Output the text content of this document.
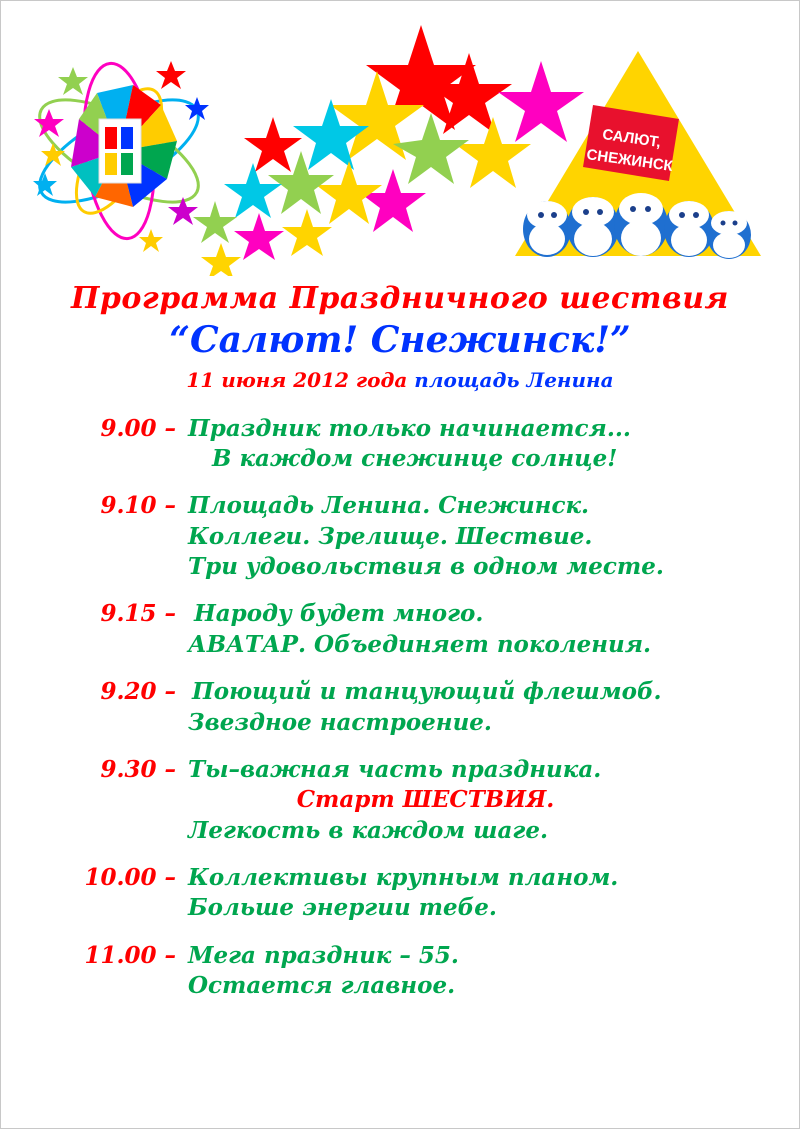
САЛЮТ,
СНЕЖИНСК
Программа Праздничного шествия
“Салют! Снежинск!”
11 июня 2012 года площадь Ленина
9.00 – Праздник только начинается...
В каждом снежинце солнце!
9.10 – Площадь Ленина. Снежинск.
Коллеги. Зрелище. Шествие.
Три удовольствия в одном месте.
9.15 – Народу будет много.
АВАТАР. Объединяет поколения.
9.20 – Поющий и танцующий флешмоб.
Звездное настроение.
9.30 – Ты–важная часть праздника.
Старт ШЕСТВИЯ.
Легкость в каждом шаге.
10.00 – Коллективы крупным планом.
Больше энергии тебе.
11.00 – Мега праздник – 55.
Остается главное.
